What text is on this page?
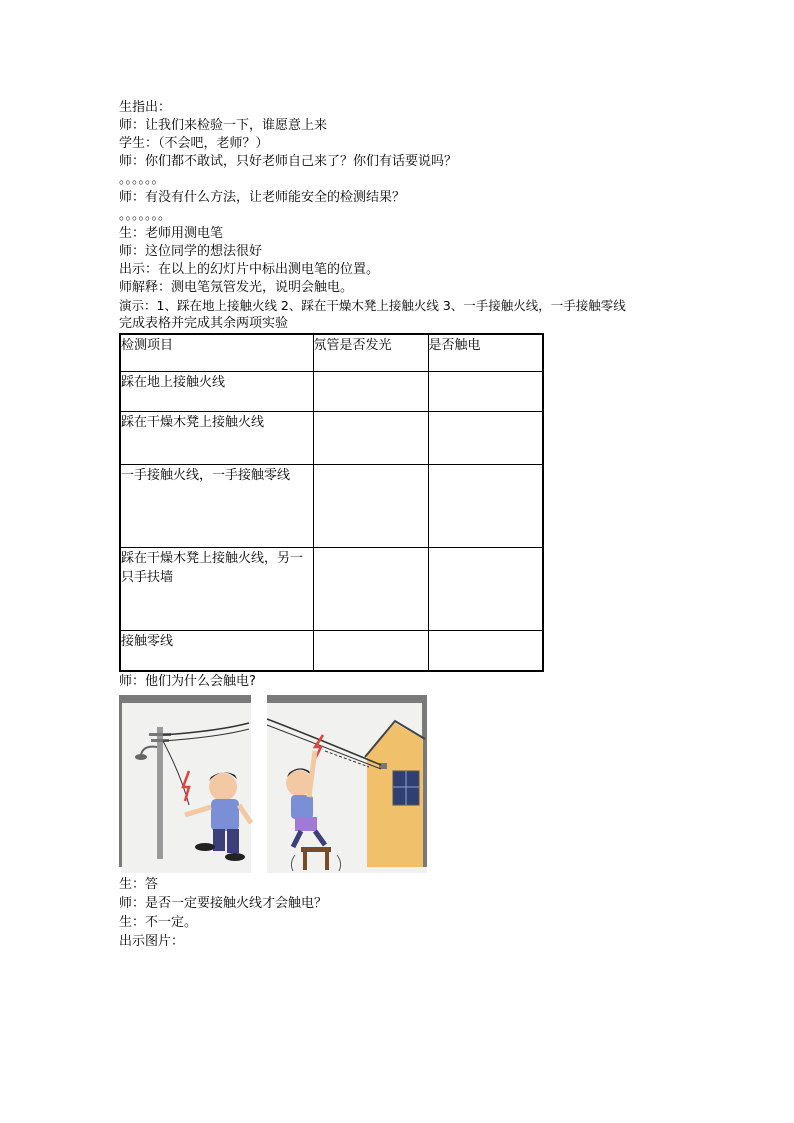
生指出：
师：让我们来检验一下，谁愿意上来
学生：（不会吧，老师？）
师：你们都不敢试，只好老师自己来了？你们有话要说吗？
。。。。。。
师：有没有什么方法，让老师能安全的检测结果？
。。。。。。。
生：老师用测电笔
师：这位同学的想法很好
出示：在以上的幻灯片中标出测电笔的位置。
师解释：测电笔氖管发光，说明会触电。
演示：1、踩在地上接触火线 2、踩在干燥木凳上接触火线 3、一手接触火线，一手接触零线
完成表格并完成其余两项实验
检测项目	氖管是否发光	是否触电
踩在地上接触火线		
踩在干燥木凳上接触火线		
一手接触火线，一手接触零线		
踩在干燥木凳上接触火线，另一只手扶墙		
接触零线		
师：他们为什么会触电?
生：答
师：是否一定要接触火线才会触电？
生：不一定。
出示图片：
